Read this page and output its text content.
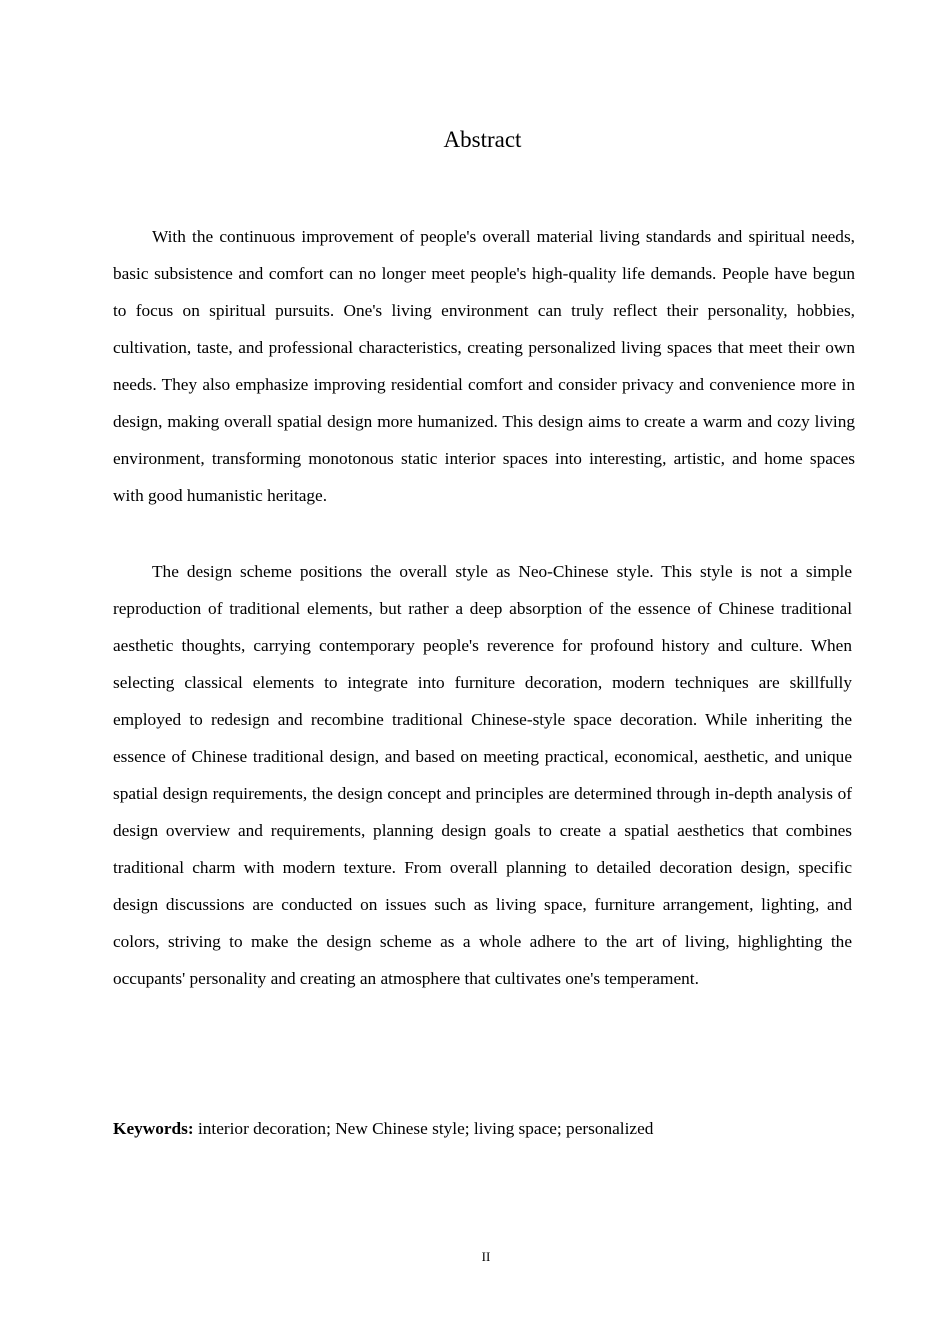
Abstract

With the continuous improvement of people's overall material living standards and spiritual needs, basic subsistence and comfort can no longer meet people's high-quality life demands. People have begun to focus on spiritual pursuits. One's living environment can truly reflect their personality, hobbies, cultivation, taste, and professional characteristics, creating personalized living spaces that meet their own needs. They also emphasize improving residential comfort and consider privacy and convenience more in design, making overall spatial design more humanized. This design aims to create a warm and cozy living environment, transforming monotonous static interior spaces into interesting, artistic, and home spaces with good humanistic heritage.

The design scheme positions the overall style as Neo-Chinese style. This style is not a simple reproduction of traditional elements, but rather a deep absorption of the essence of Chinese traditional aesthetic thoughts, carrying contemporary people's reverence for profound history and culture. When selecting classical elements to integrate into furniture decoration, modern techniques are skillfully employed to redesign and recombine traditional Chinese-style space decoration. While inheriting the essence of Chinese traditional design, and based on meeting practical, economical, aesthetic, and unique spatial design requirements, the design concept and principles are determined through in-depth analysis of design overview and requirements, planning design goals to create a spatial aesthetics that combines traditional charm with modern texture. From overall planning to detailed decoration design, specific design discussions are conducted on issues such as living space, furniture arrangement, lighting, and colors, striving to make the design scheme as a whole adhere to the art of living, highlighting the occupants' personality and creating an atmosphere that cultivates one's temperament.

Keywords: interior decoration; New Chinese style; living space; personalized

II
